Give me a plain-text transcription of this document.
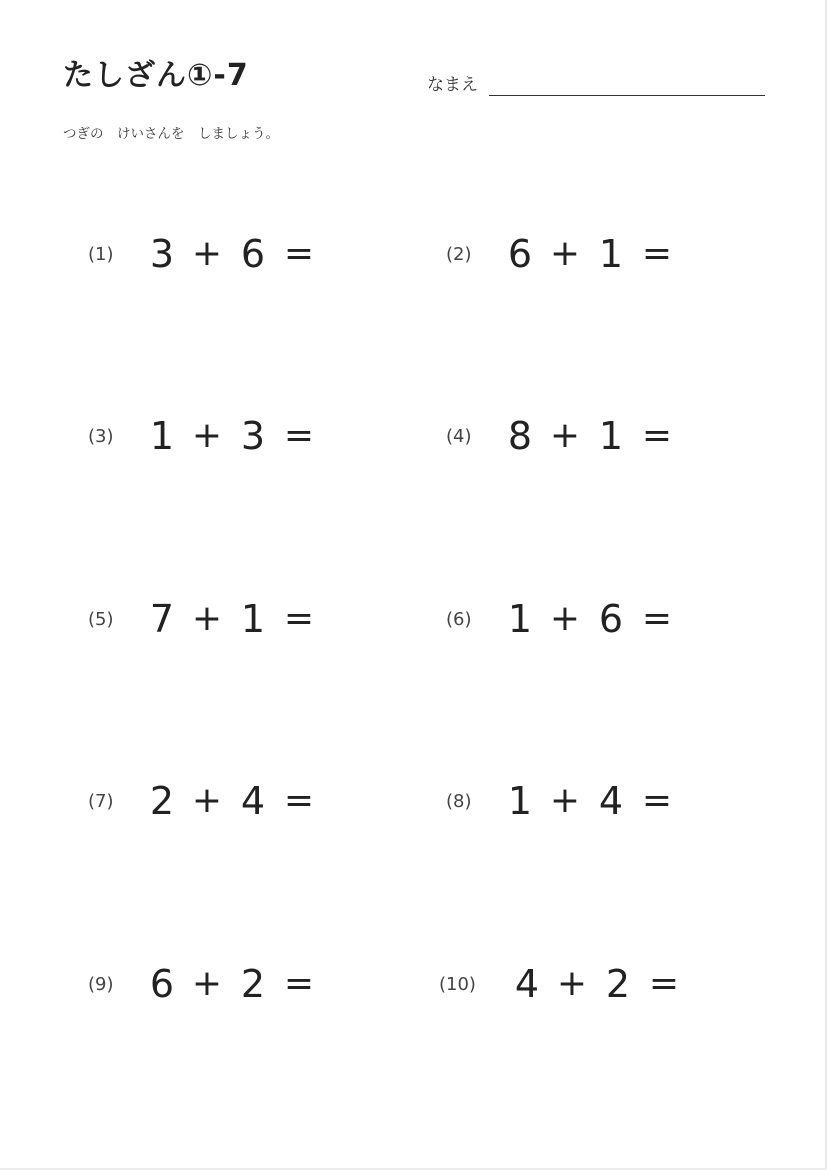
たしざん①-7	なまえ
つぎの　けいさんを　しましょう。
(1) 3 + 6 =	(2) 6 + 1 =
(3) 1 + 3 =	(4) 8 + 1 =
(5) 7 + 1 =	(6) 1 + 6 =
(7) 2 + 4 =	(8) 1 + 4 =
(9) 6 + 2 =	(10) 4 + 2 =
